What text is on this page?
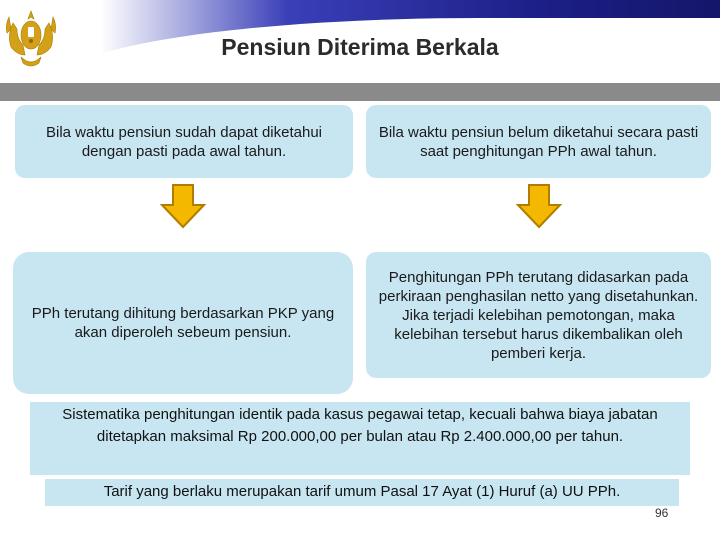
Pensiun Diterima Berkala
Bila waktu pensiun sudah dapat diketahui dengan pasti pada awal tahun.
Bila waktu pensiun belum diketahui secara pasti saat penghitungan PPh awal tahun.
PPh terutang dihitung berdasarkan PKP yang akan diperoleh sebeum pensiun.
Penghitungan PPh terutang didasarkan pada perkiraan penghasilan netto yang disetahunkan. Jika terjadi kelebihan pemotongan, maka kelebihan tersebut harus dikembalikan oleh pemberi kerja.
Sistematika penghitungan identik pada kasus pegawai tetap, kecuali bahwa biaya jabatan ditetapkan maksimal Rp 200.000,00 per bulan atau Rp 2.400.000,00 per tahun.
Tarif yang berlaku merupakan tarif umum Pasal 17 Ayat (1) Huruf (a) UU PPh.
96
